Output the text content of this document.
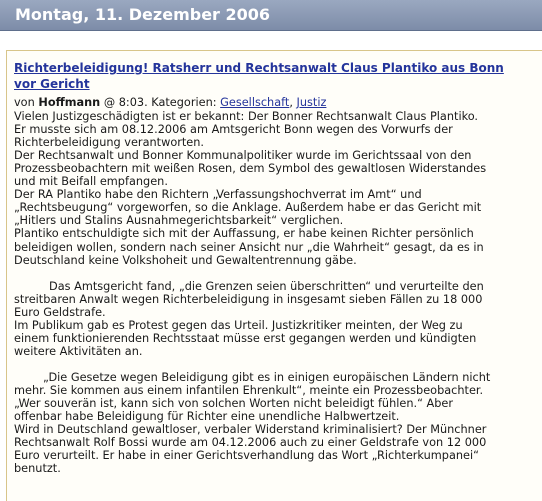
Montag, 11. Dezember 2006
Richterbeleidigung! Ratsherr und Rechtsanwalt Claus Plantiko aus Bonn vor Gericht
von Hoffmann @ 8:03. Kategorien: Gesellschaft, Justiz
Vielen Justizgeschädigten ist er bekannt: Der Bonner Rechtsanwalt Claus Plantiko.
Er musste sich am 08.12.2006 am Amtsgericht Bonn wegen des Vorwurfs der
Richterbeleidigung verantworten.
Der Rechtsanwalt und Bonner Kommunalpolitiker wurde im Gerichtssaal von den
Prozessbeobachtern mit weißen Rosen, dem Symbol des gewaltlosen Widerstandes
und mit Beifall empfangen.
Der RA Plantiko habe den Richtern „Verfassungshochverrat im Amt“ und
„Rechtsbeugung“ vorgeworfen, so die Anklage. Außerdem habe er das Gericht mit
„Hitlers und Stalins Ausnahmegerichtsbarkeit“ verglichen.
Plantiko entschuldigte sich mit der Auffassung, er habe keinen Richter persönlich
beleidigen wollen, sondern nach seiner Ansicht nur „die Wahrheit“ gesagt, da es in
Deutschland keine Volkshoheit und Gewaltentrennung gäbe.
Das Amtsgericht fand, „die Grenzen seien überschritten“ und verurteilte den
streitbaren Anwalt wegen Richterbeleidigung in insgesamt sieben Fällen zu 18 000
Euro Geldstrafe.
Im Publikum gab es Protest gegen das Urteil. Justizkritiker meinten, der Weg zu
einem funktionierenden Rechtsstaat müsse erst gegangen werden und kündigten
weitere Aktivitäten an.
„Die Gesetze wegen Beleidigung gibt es in einigen europäischen Ländern nicht
mehr. Sie kommen aus einem infantilen Ehrenkult“, meinte ein Prozessbeobachter.
„Wer souverän ist, kann sich von solchen Worten nicht beleidigt fühlen.“ Aber
offenbar habe Beleidigung für Richter eine unendliche Halbwertzeit.
Wird in Deutschland gewaltloser, verbaler Widerstand kriminalisiert? Der Münchner
Rechtsanwalt Rolf Bossi wurde am 04.12.2006 auch zu einer Geldstrafe von 12 000
Euro verurteilt. Er habe in einer Gerichtsverhandlung das Wort „Richterkumpanei“
benutzt.
